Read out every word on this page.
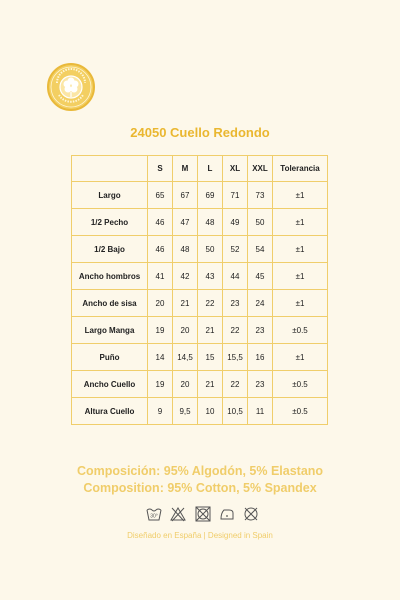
24050 Cuello Redondo
	S	M	L	XL	XXL	Tolerancia
Largo	65	67	69	71	73	±1
1/2 Pecho	46	47	48	49	50	±1
1/2 Bajo	46	48	50	52	54	±1
Ancho hombros	41	42	43	44	45	±1
Ancho de sisa	20	21	22	23	24	±1
Largo Manga	19	20	21	22	23	±0.5
Puño	14	14,5	15	15,5	16	±1
Ancho Cuello	19	20	21	22	23	±0.5
Altura Cuello	9	9,5	10	10,5	11	±0.5
Composición: 95% Algodón, 5% Elastano
Composition: 95% Cotton, 5% Spandex
30°
Diseñado en España | Designed in Spain
